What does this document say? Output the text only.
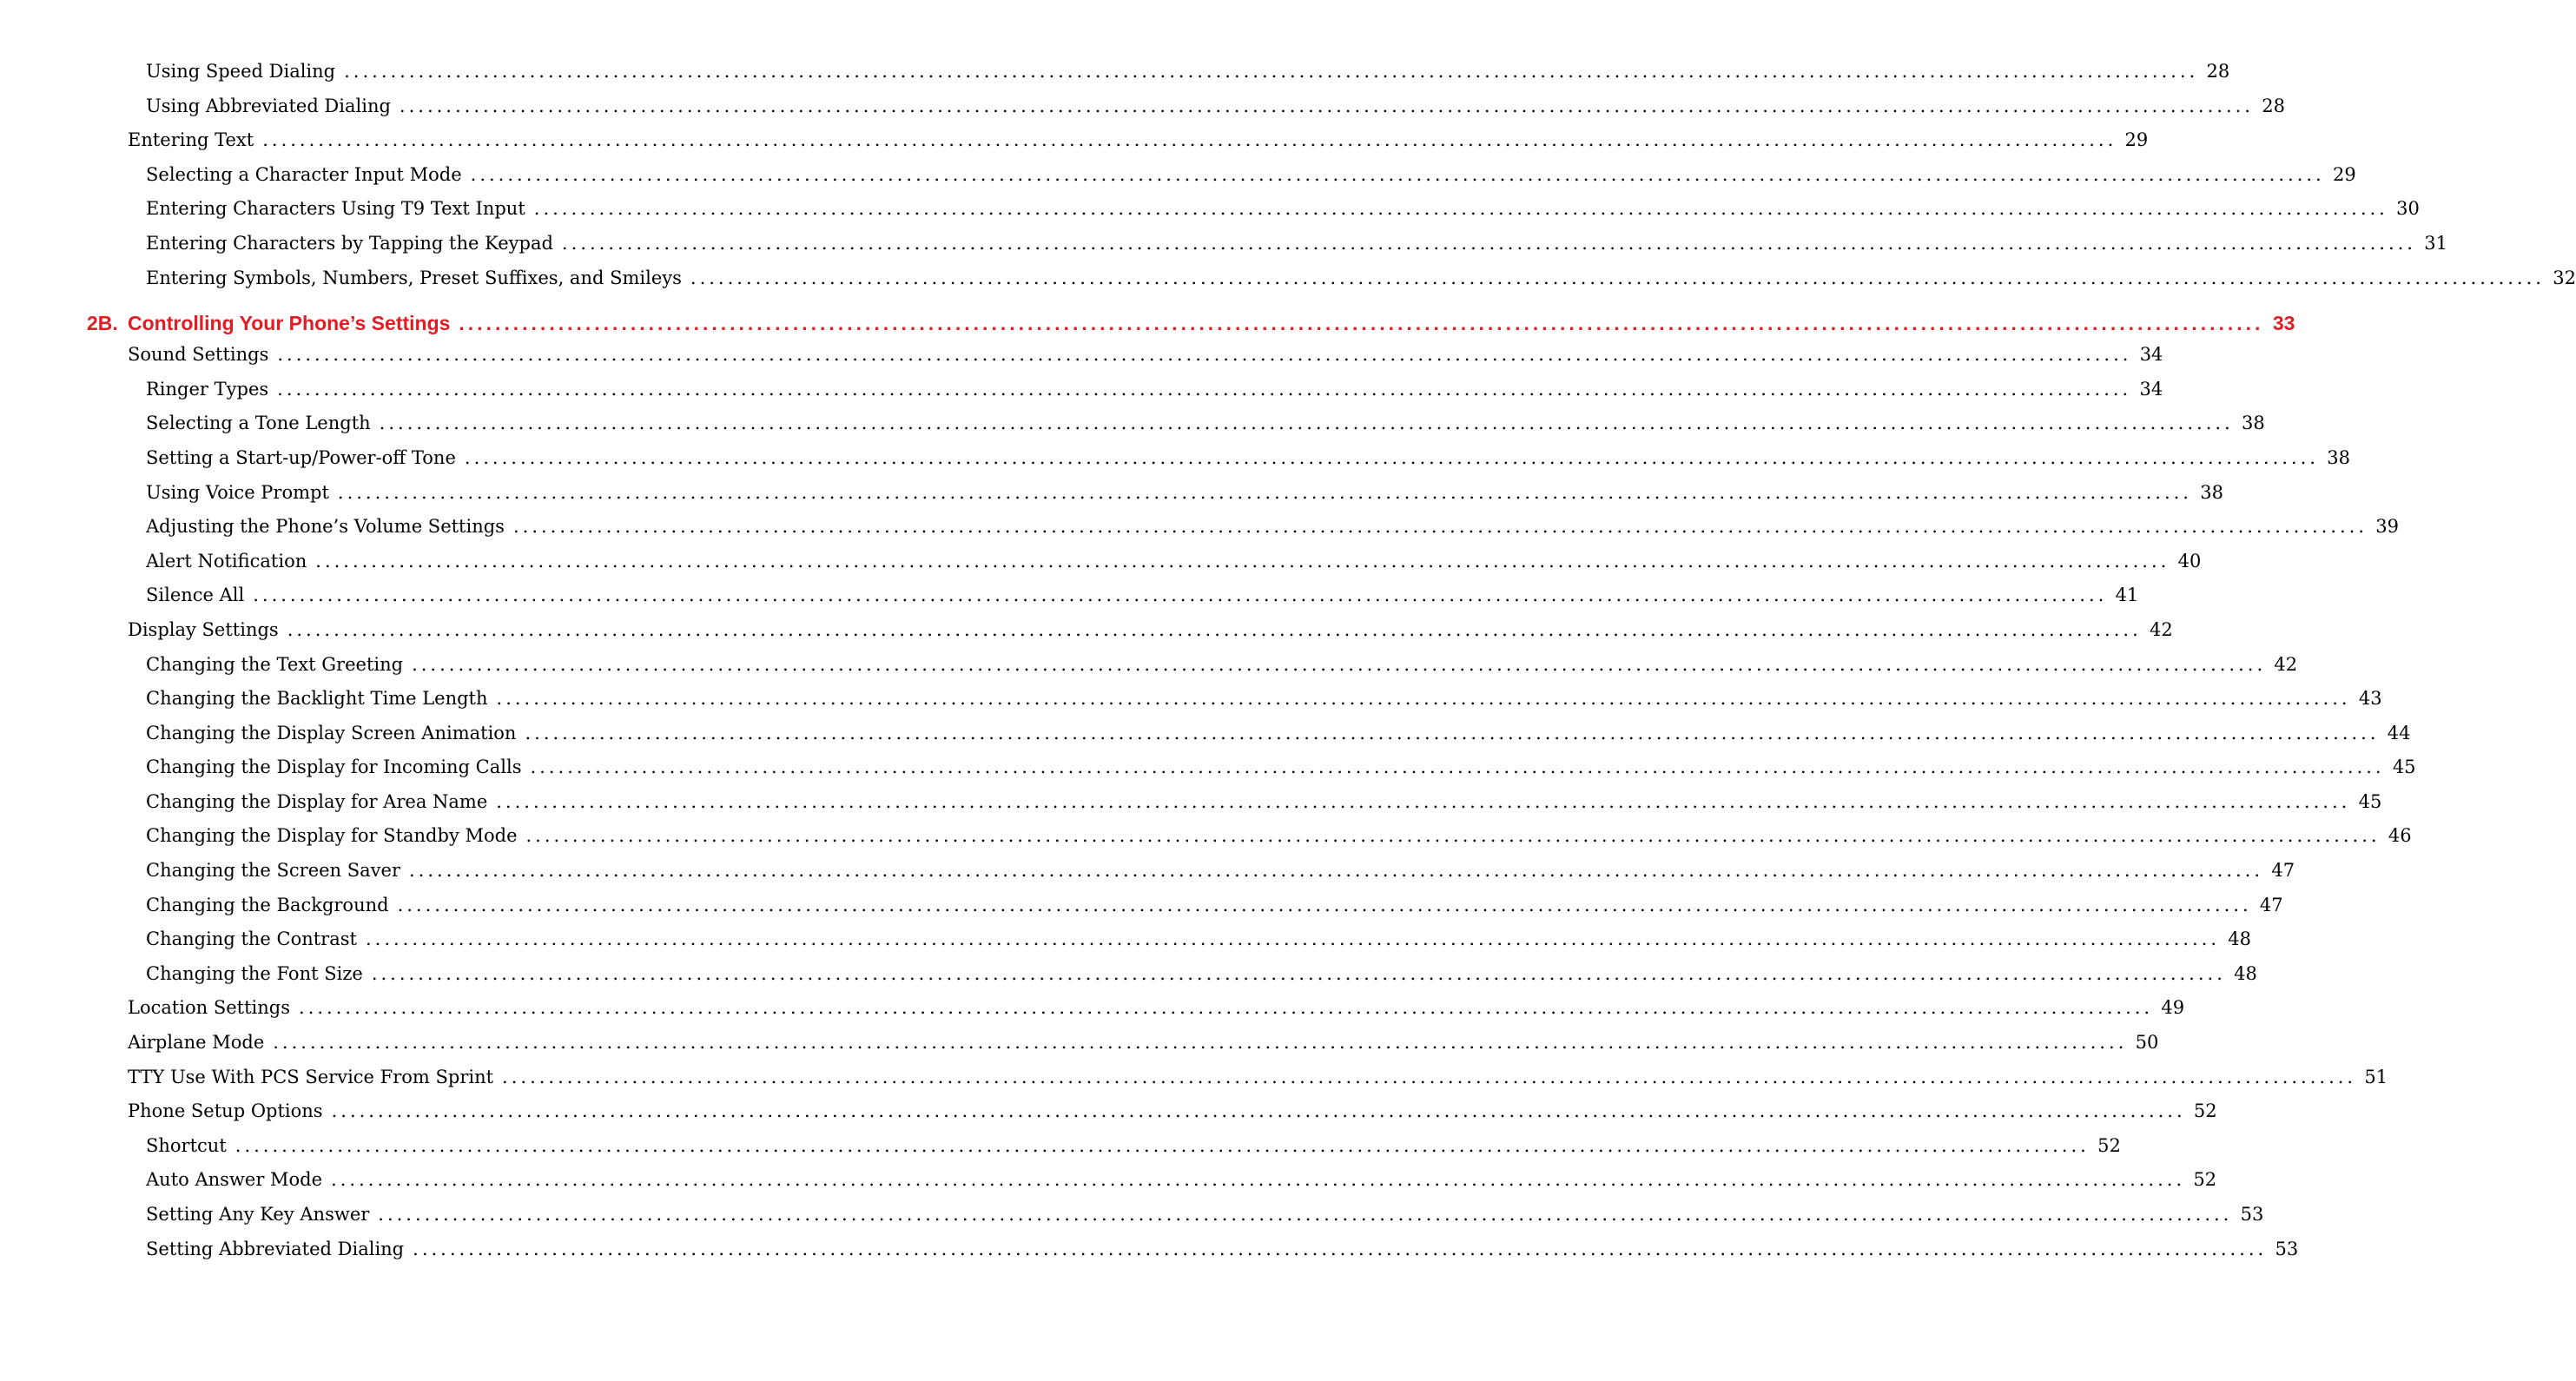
Using Speed Dialing ........................................................................................................................................................................................................ 28
Using Abbreviated Dialing ........................................................................................................................................................................................................ 28
Entering Text ........................................................................................................................................................................................................ 29
Selecting a Character Input Mode ........................................................................................................................................................................................................ 29
Entering Characters Using T9 Text Input ........................................................................................................................................................................................................ 30
Entering Characters by Tapping the Keypad ........................................................................................................................................................................................................ 31
Entering Symbols, Numbers, Preset Suffixes, and Smileys ........................................................................................................................................................................................................ 32
2B. Controlling Your Phone’s Settings ........................................................................................................................................................................................................ 33
Sound Settings ........................................................................................................................................................................................................ 34
Ringer Types ........................................................................................................................................................................................................ 34
Selecting a Tone Length ........................................................................................................................................................................................................ 38
Setting a Start-up/Power-off Tone ........................................................................................................................................................................................................ 38
Using Voice Prompt ........................................................................................................................................................................................................ 38
Adjusting the Phone’s Volume Settings ........................................................................................................................................................................................................ 39
Alert Notification ........................................................................................................................................................................................................ 40
Silence All ........................................................................................................................................................................................................ 41
Display Settings ........................................................................................................................................................................................................ 42
Changing the Text Greeting ........................................................................................................................................................................................................ 42
Changing the Backlight Time Length ........................................................................................................................................................................................................ 43
Changing the Display Screen Animation ........................................................................................................................................................................................................ 44
Changing the Display for Incoming Calls ........................................................................................................................................................................................................ 45
Changing the Display for Area Name ........................................................................................................................................................................................................ 45
Changing the Display for Standby Mode ........................................................................................................................................................................................................ 46
Changing the Screen Saver ........................................................................................................................................................................................................ 47
Changing the Background ........................................................................................................................................................................................................ 47
Changing the Contrast ........................................................................................................................................................................................................ 48
Changing the Font Size ........................................................................................................................................................................................................ 48
Location Settings ........................................................................................................................................................................................................ 49
Airplane Mode ........................................................................................................................................................................................................ 50
TTY Use With PCS Service From Sprint ........................................................................................................................................................................................................ 51
Phone Setup Options ........................................................................................................................................................................................................ 52
Shortcut ........................................................................................................................................................................................................ 52
Auto Answer Mode ........................................................................................................................................................................................................ 52
Setting Any Key Answer ........................................................................................................................................................................................................ 53
Setting Abbreviated Dialing ........................................................................................................................................................................................................ 53
